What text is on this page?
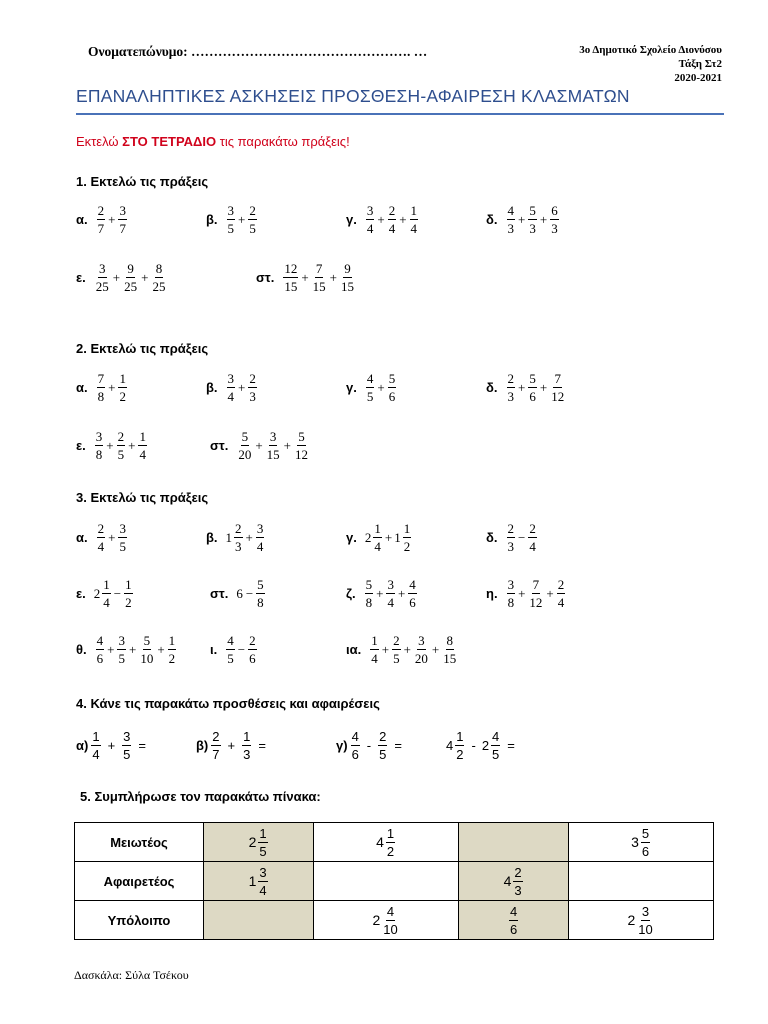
Ονοματεπώνυμο: …………………………………………. …	3ο Δημοτικό Σχολείο Διονύσου
Τάξη Στ2
2020-2021
ΕΠΑΝΑΛΗΠΤΙΚΕΣ ΑΣΚΗΣΕΙΣ ΠΡΟΣΘΕΣΗ-ΑΦΑΙΡΕΣΗ ΚΛΑΣΜΑΤΩΝ
Εκτελώ ΣΤΟ ΤΕΤΡΑΔΙΟ τις παρακάτω πράξεις!
1. Εκτελώ τις πράξεις
2. Εκτελώ τις πράξεις
3. Εκτελώ τις πράξεις
4. Κάνε τις παρακάτω προσθέσεις και αφαιρέσεις
5. Συμπλήρωσε τον παρακάτω πίνακα:
α. $\frac{2}{7} + \frac{3}{7}$	β. $\frac{3}{5} + \frac{2}{5}$	γ. $\frac{3}{4} + \frac{2}{4} + \frac{1}{4}$	δ. $\frac{4}{3} + \frac{5}{3} + \frac{6}{3}$
ε. $\frac{3}{25} + \frac{9}{25} + \frac{8}{25}$	στ. $\frac{12}{15} + \frac{7}{15} + \frac{9}{15}$
α. $\frac{7}{8} + \frac{1}{2}$	β. $\frac{3}{4} + \frac{2}{3}$	γ. $\frac{4}{5} + \frac{5}{6}$	δ. $\frac{2}{3} + \frac{5}{6} + \frac{7}{12}$
ε. $\frac{3}{8} + \frac{2}{5} + \frac{1}{4}$	στ. $\frac{5}{20} + \frac{3}{15} + \frac{5}{12}$
α. $\frac{2}{4} + \frac{3}{5}$	β. $1 \frac{2}{3} + \frac{3}{4}$	γ. $2 \frac{1}{4} + 1 \frac{1}{2}$	δ. $\frac{2}{3} - \frac{2}{4}$
ε. $2 \frac{1}{4} - \frac{1}{2}$	στ. $6 - \frac{5}{8}$	ζ. $\frac{5}{8} + \frac{3}{4} + \frac{4}{6}$	η. $\frac{3}{8} + \frac{7}{12} + \frac{2}{4}$
θ. $\frac{4}{6} + \frac{3}{5} + \frac{5}{10} + \frac{1}{2}$	ι. $\frac{4}{5} - \frac{2}{6}$	ια. $\frac{1}{4} + \frac{2}{5} + \frac{3}{20} + \frac{8}{15}$
$\alpha) \frac{1}{4} + \frac{3}{5}$ =	$\beta) \frac{2}{7} + \frac{1}{3}$ =	$\gamma) \frac{4}{6} - \frac{2}{5}$ =	$4 \frac{1}{2} - 2 \frac{4}{5}$ =
Μειωτέος	$2 \frac{1}{5}$	$4 \frac{1}{2}$		$3 \frac{5}{6}$

Αφαιρετέος	$1 \frac{3}{4}$		$4 \frac{2}{3}$

Υπόλοιπο		$2 \frac{4}{10}$	$\frac{4}{6}$	$2 \frac{3}{10}$
Δασκάλα: Σύλα Τσέκου
